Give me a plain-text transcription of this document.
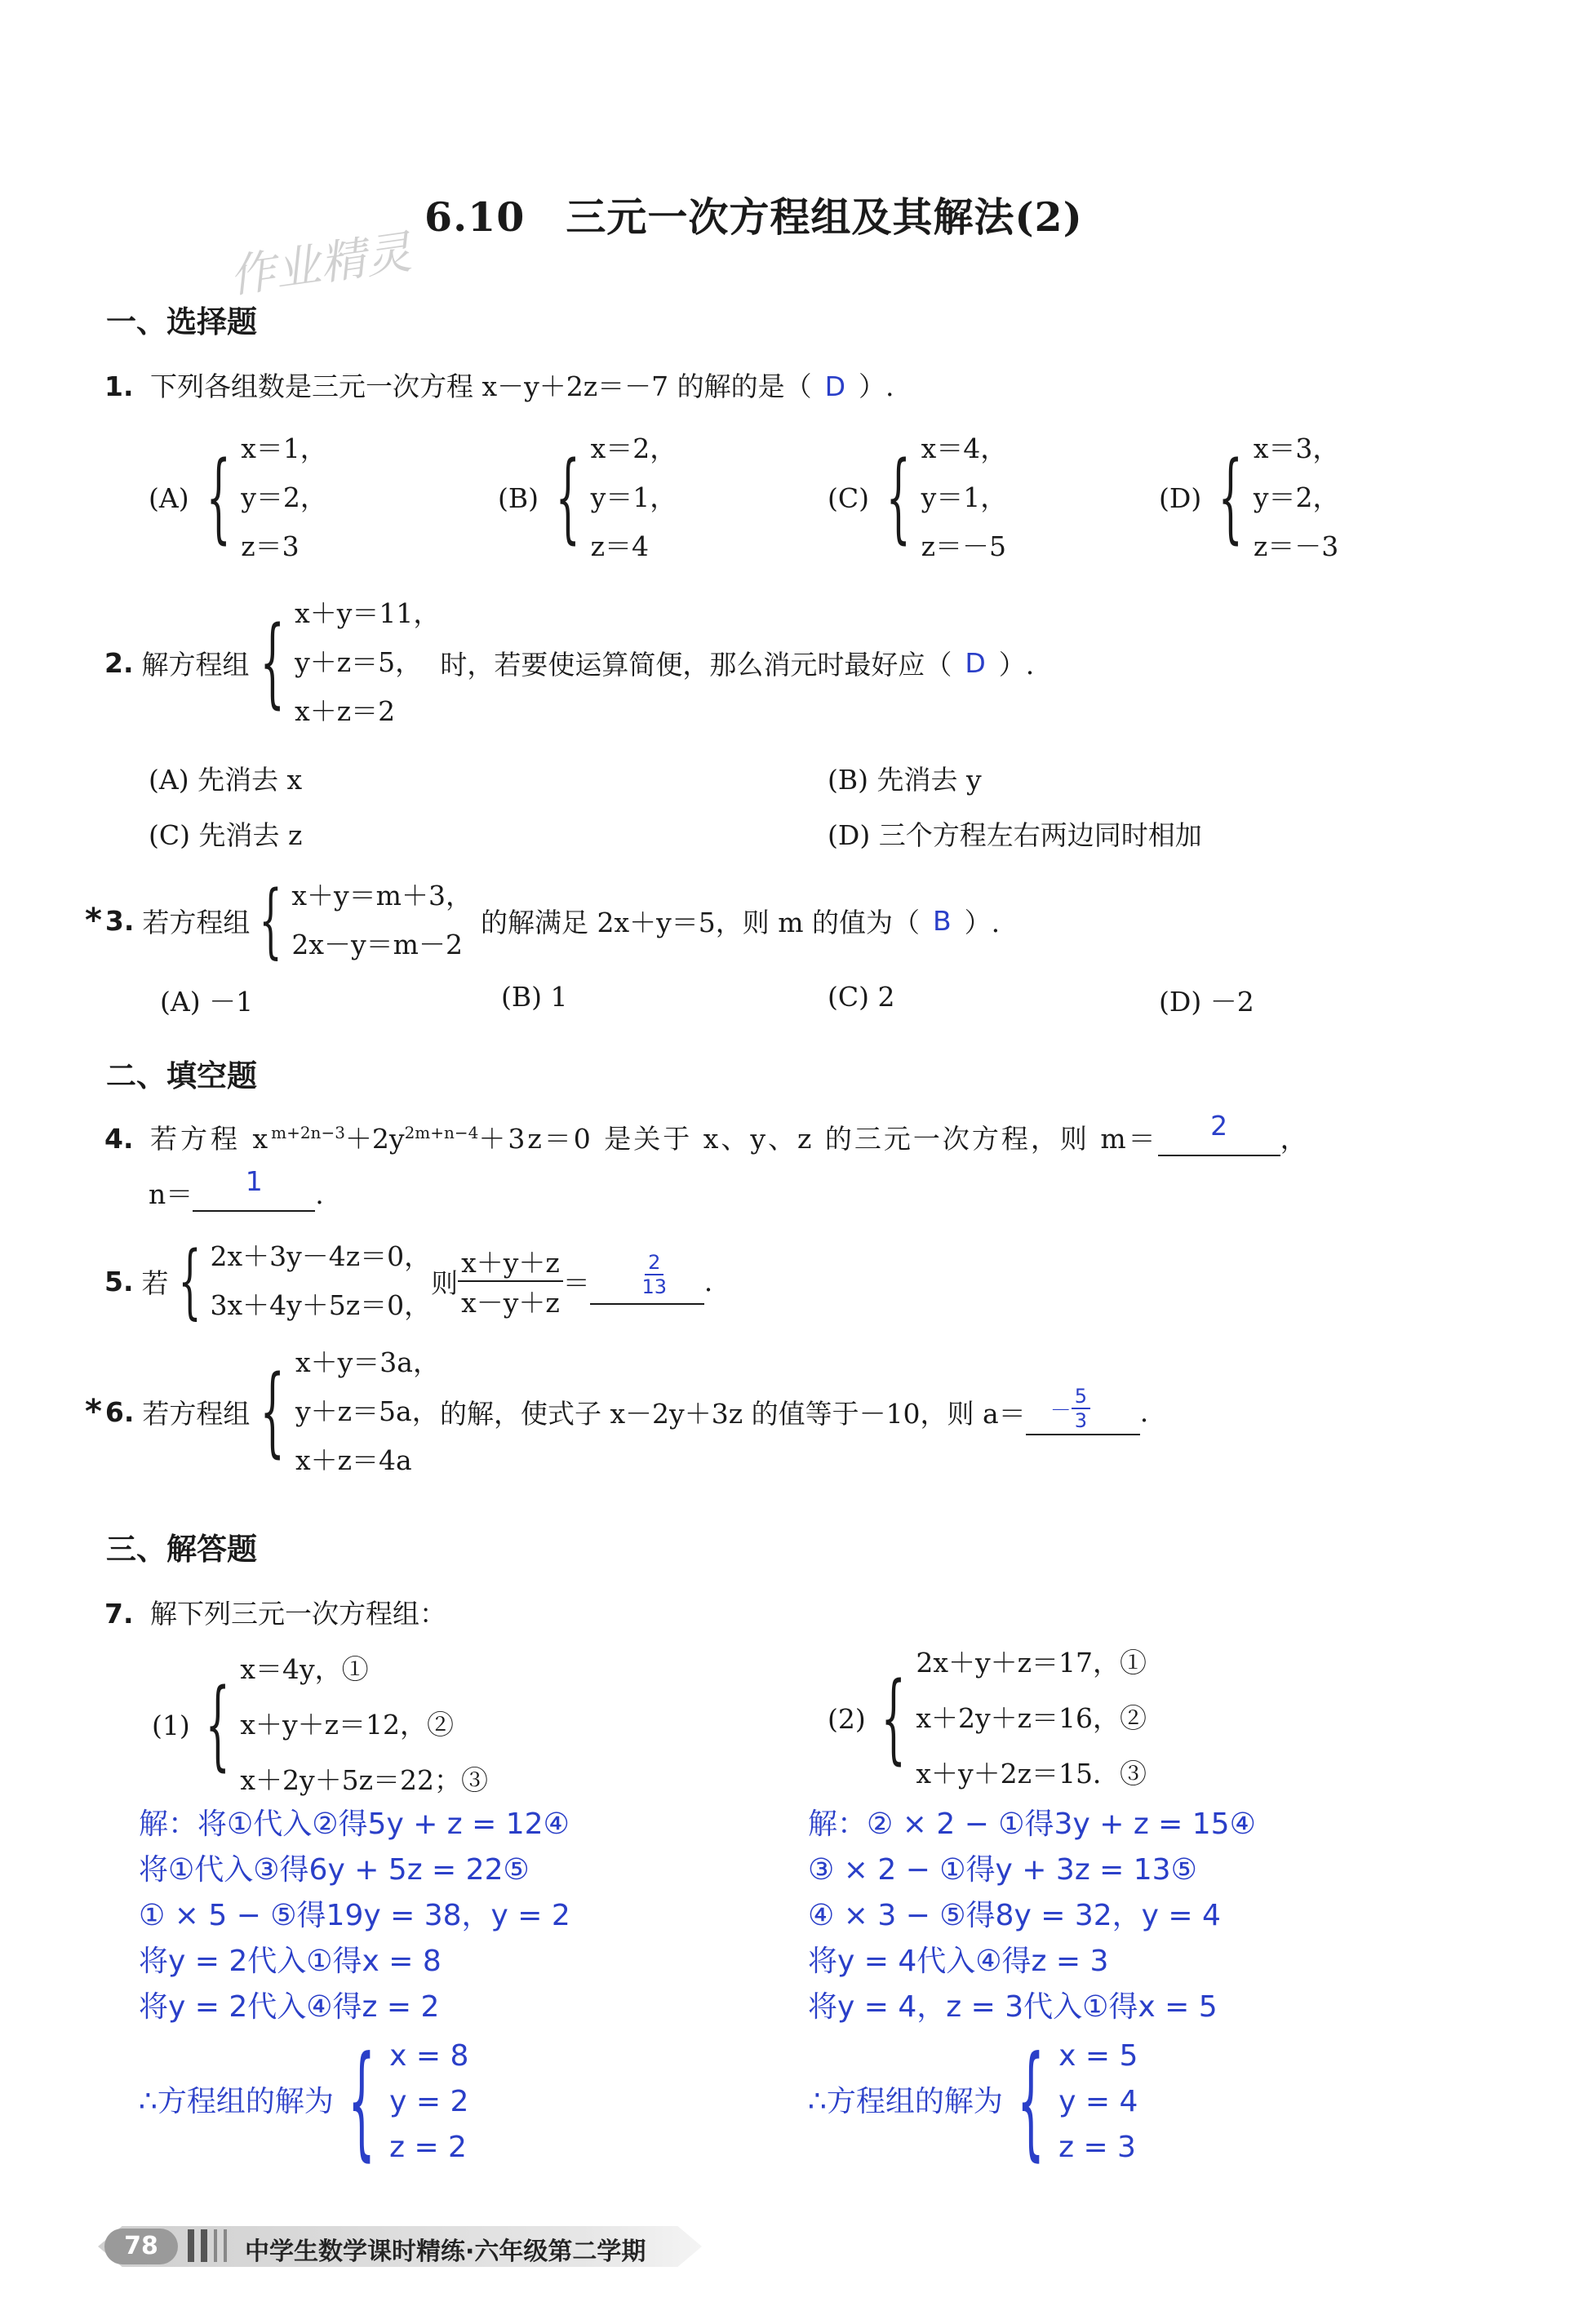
6.10　三元一次方程组及其解法(2)
作业精灵
一、选择题
1. 下列各组数是三元一次方程 x－y＋2z＝－7 的解的是（ D ）.
(A) { x＝1，
y＝2，
z＝3
(B) { x＝2，
y＝1，
z＝4
(C) { x＝4，
y＝1，
z＝－5
(D) { x＝3，
y＝2，
z＝－3
2. 解方程组 { x＋y＝11，
y＋z＝5，
x＋z＝2
时，若要使运算简便，那么消元时最好应（ D ）.
(A) 先消去 x	(B) 先消去 y
(C) 先消去 z	(D) 三个方程左右两边同时相加
* 3. 若方程组 { x＋y＝m＋3，
2x－y＝m－2
的解满足 2x＋y＝5，则 m 的值为（ B ）.
(A) －1	(B) 1	(C) 2	(D) －2
二、填空题
4. 若方程 $x^{m+2n-3}+2y^{2m+n-4}+3z=0$ 是关于 x、y、z 的三元一次方程，则 m＝	2	，
n＝	1	.
5. 若 { 2x＋3y－4z＝0，
3x＋4y＋5z＝0，
则 $\frac{x+y+z}{x-y+z} = \frac{2}{13}$ .
* 6. 若方程组 { x＋y＝3a，
y＋z＝5a，
x＋z＝4a
的解，使式子 x－2y＋3z 的值等于－10，则 $a= - \frac{5}{3}$ .
三、解答题
7. 解下列三元一次方程组：
(1) { x＝4y，①
x＋y＋z＝12，②
x＋2y＋5z＝22；③
(2) { 2x＋y＋z＝17，①
x＋2y＋z＝16，②
x＋y＋2z＝15．③
解：将①代入②得5y + z = 12④
将①代入③得6y + 5z = 22⑤
① × 5 − ⑤得19y = 38，y = 2
将y = 2代入①得x = 8
将y = 2代入④得z = 2
∴方程组的解为 { x = 8
y = 2
z = 2
解：② × 2 − ①得3y + z = 15④
③ × 2 − ①得y + 3z = 13⑤
④ × 3 − ⑤得8y = 32，y = 4
将y = 4代入④得z = 3
将y = 4，z = 3代入①得x = 5
∴方程组的解为 { x = 5
y = 4
z = 3
78	中学生数学课时精练·六年级第二学期
